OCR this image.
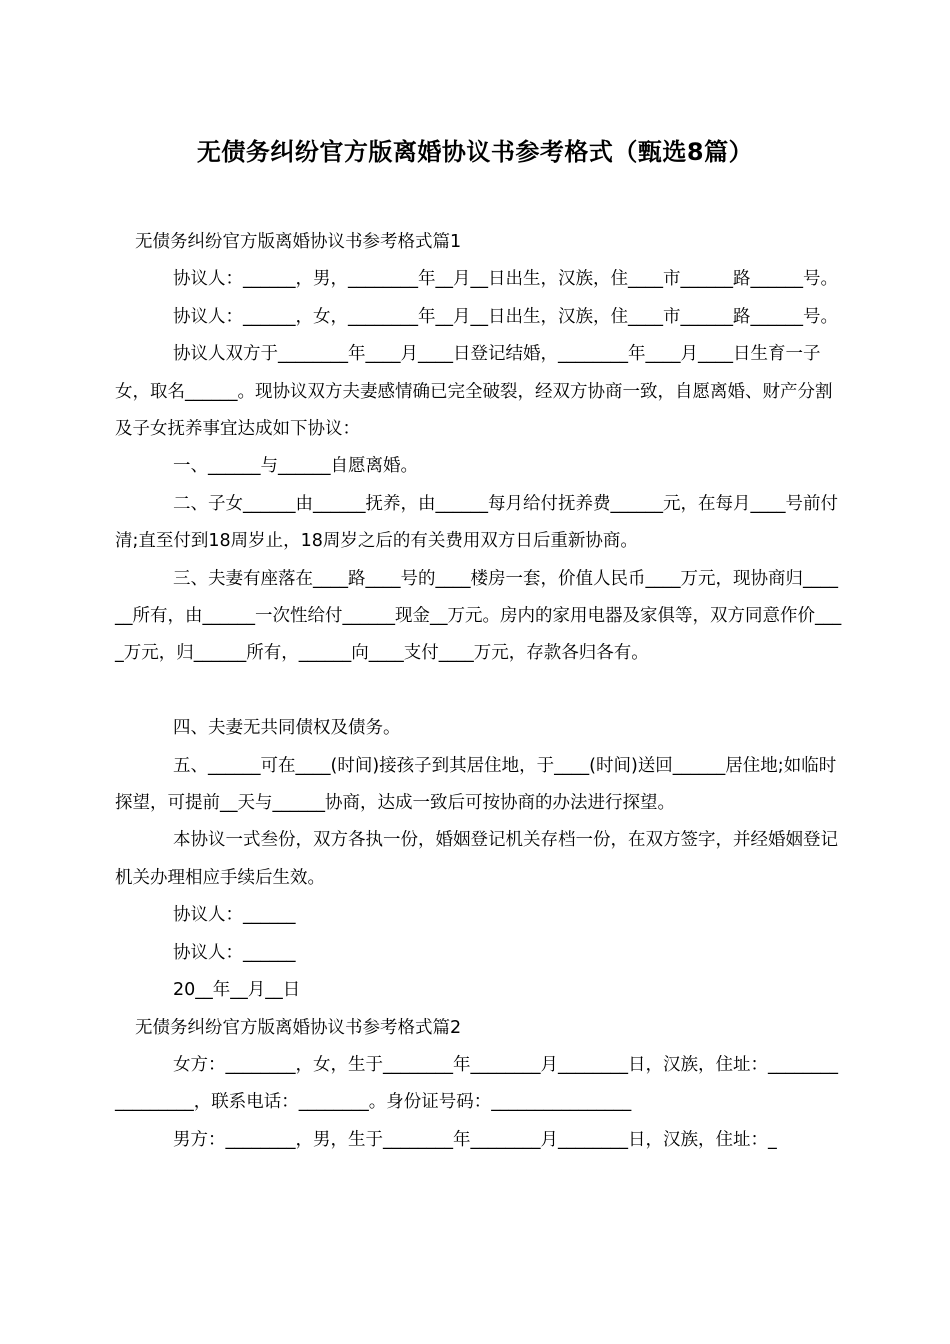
无债务纠纷官方版离婚协议书参考格式（甄选8篇）

无债务纠纷官方版离婚协议书参考格式篇1

协议人：______，男，________年__月__日出生，汉族，住____市______路______号。

协议人：______，女，________年__月__日出生，汉族，住____市______路______号。

协议人双方于________年____月____日登记结婚，________年____月____日生育一子女，取名______。现协议双方夫妻感情确已完全破裂，经双方协商一致，自愿离婚、财产分割及子女抚养事宜达成如下协议：

一、______与______自愿离婚。

二、子女______由______抚养，由______每月给付抚养费______元，在每月____号前付清;直至付到18周岁止，18周岁之后的有关费用双方日后重新协商。

三、夫妻有座落在____路____号的____楼房一套，价值人民币____万元，现协商归______所有，由______一次性给付______现金__万元。房内的家用电器及家俱等，双方同意作价____万元，归______所有，______向____支付____万元，存款各归各有。

四、夫妻无共同债权及债务。

五、______可在____(时间)接孩子到其居住地，于____(时间)送回______居住地;如临时探望，可提前__天与______协商，达成一致后可按协商的办法进行探望。

本协议一式叁份，双方各执一份，婚姻登记机关存档一份，在双方签字，并经婚姻登记机关办理相应手续后生效。

协议人：______

协议人：______

20__年__月__日

无债务纠纷官方版离婚协议书参考格式篇2

女方：________，女，生于________年________月________日，汉族，住址：_________________，联系电话：________。身份证号码：________________

男方：________，男，生于________年________月________日，汉族，住址：_
